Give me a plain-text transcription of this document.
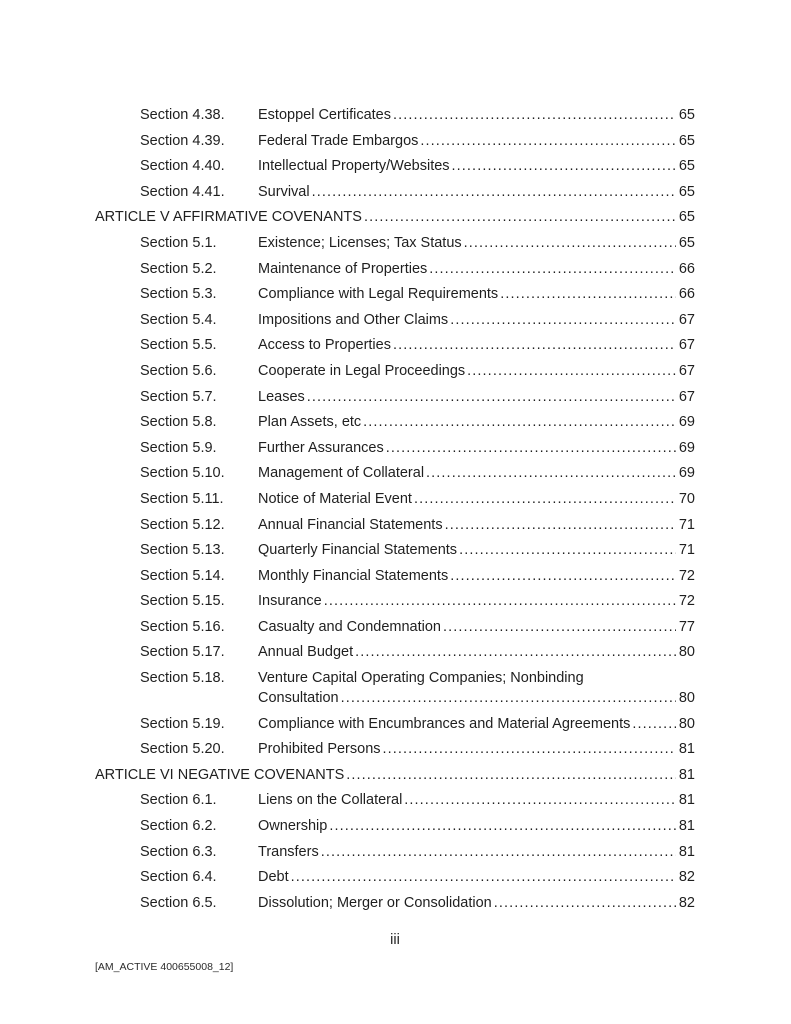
Section 4.38.	Estoppel Certificates .....	65
Section 4.39.	Federal Trade Embargos .....	65
Section 4.40.	Intellectual Property/Websites .....	65
Section 4.41.	Survival .....	65
ARTICLE V AFFIRMATIVE COVENANTS .....	65
Section 5.1.	Existence; Licenses; Tax Status .....	65
Section 5.2.	Maintenance of Properties .....	66
Section 5.3.	Compliance with Legal Requirements .....	66
Section 5.4.	Impositions and Other Claims .....	67
Section 5.5.	Access to Properties .....	67
Section 5.6.	Cooperate in Legal Proceedings .....	67
Section 5.7.	Leases .....	67
Section 5.8.	Plan Assets, etc .....	69
Section 5.9.	Further Assurances .....	69
Section 5.10.	Management of Collateral .....	69
Section 5.11.	Notice of Material Event .....	70
Section 5.12.	Annual Financial Statements .....	71
Section 5.13.	Quarterly Financial Statements .....	71
Section 5.14.	Monthly Financial Statements .....	72
Section 5.15.	Insurance .....	72
Section 5.16.	Casualty and Condemnation .....	77
Section 5.17.	Annual Budget .....	80
Section 5.18.	Venture Capital Operating Companies; Nonbinding
Consultation .....	80
Section 5.19.	Compliance with Encumbrances and Material Agreements .....	80
Section 5.20.	Prohibited Persons .....	81
ARTICLE VI NEGATIVE COVENANTS .....	81
Section 6.1.	Liens on the Collateral .....	81
Section 6.2.	Ownership .....	81
Section 6.3.	Transfers .....	81
Section 6.4.	Debt .....	82
Section 6.5.	Dissolution; Merger or Consolidation .....	82
iii
[AM_ACTIVE 400655008_12]
